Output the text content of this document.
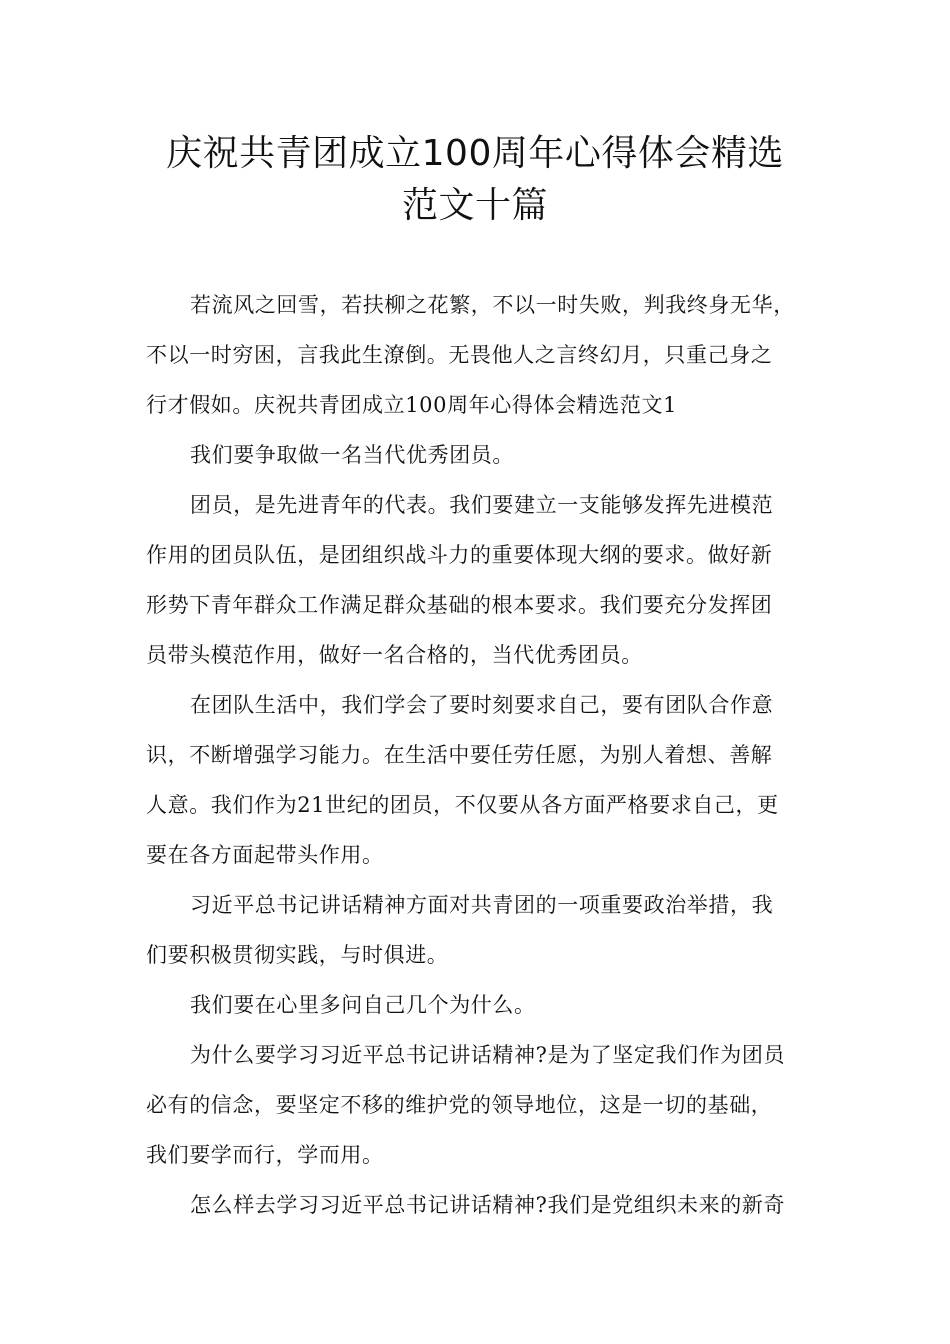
庆祝共青团成立100周年心得体会精选
范文十篇

若流风之回雪，若扶柳之花繁，不以一时失败，判我终身无华，
不以一时穷困，言我此生潦倒。无畏他人之言终幻月，只重己身之
行才假如。庆祝共青团成立100周年心得体会精选范文1

我们要争取做一名当代优秀团员。

团员，是先进青年的代表。我们要建立一支能够发挥先进模范
作用的团员队伍，是团组织战斗力的重要体现大纲的要求。做好新
形势下青年群众工作满足群众基础的根本要求。我们要充分发挥团
员带头模范作用，做好一名合格的，当代优秀团员。

在团队生活中，我们学会了要时刻要求自己，要有团队合作意
识，不断增强学习能力。在生活中要任劳任愿，为别人着想、善解
人意。我们作为21世纪的团员，不仅要从各方面严格要求自己，更
要在各方面起带头作用。

习近平总书记讲话精神方面对共青团的一项重要政治举措，我
们要积极贯彻实践，与时俱进。

我们要在心里多问自己几个为什么。

为什么要学习习近平总书记讲话精神?是为了坚定我们作为团员
必有的信念，要坚定不移的维护党的领导地位，这是一切的基础，
我们要学而行，学而用。

怎么样去学习习近平总书记讲话精神?我们是党组织未来的新奇
